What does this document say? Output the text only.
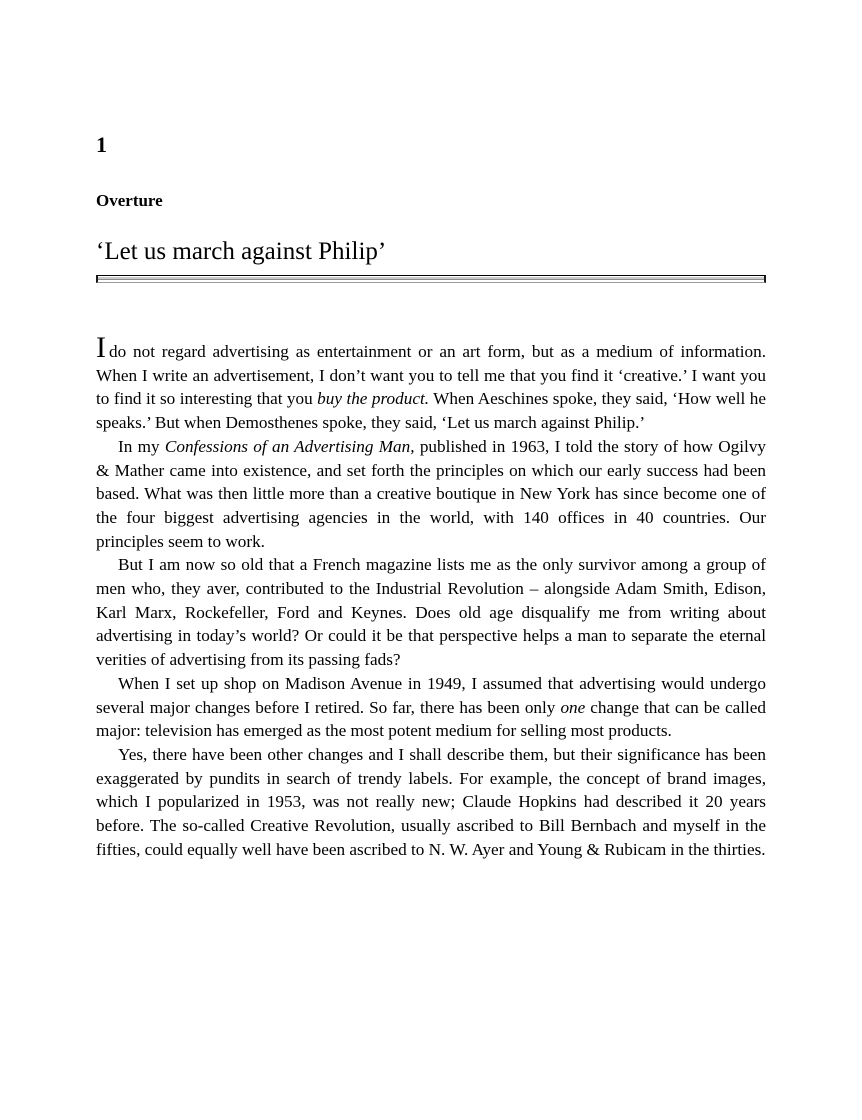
1
Overture
‘Let us march against Philip’

Ido not regard advertising as entertainment or an art form, but as a medium of information. When I write an advertisement, I don’t want you to tell me that you find it ‘creative.’ I want you to find it so interesting that you buy the product. When Aeschines spoke, they said, ‘How well he speaks.’ But when Demosthenes spoke, they said, ‘Let us march against Philip.’

In my Confessions of an Advertising Man, published in 1963, I told the story of how Ogilvy & Mather came into existence, and set forth the principles on which our early success had been based. What was then little more than a creative boutique in New York has since become one of the four biggest advertising agencies in the world, with 140 offices in 40 countries. Our principles seem to work.

But I am now so old that a French magazine lists me as the only survivor among a group of men who, they aver, contributed to the Industrial Revolution – alongside Adam Smith, Edison, Karl Marx, Rockefeller, Ford and Keynes. Does old age disqualify me from writing about advertising in today’s world? Or could it be that perspective helps a man to separate the eternal verities of advertising from its passing fads?

When I set up shop on Madison Avenue in 1949, I assumed that advertising would undergo several major changes before I retired. So far, there has been only one change that can be called major: television has emerged as the most potent medium for selling most products.

Yes, there have been other changes and I shall describe them, but their significance has been exaggerated by pundits in search of trendy labels. For example, the concept of brand images, which I popularized in 1953, was not really new; Claude Hopkins had described it 20 years before. The so-called Creative Revolution, usually ascribed to Bill Bernbach and myself in the fifties, could equally well have been ascribed to N. W. Ayer and Young & Rubicam in the thirties.
